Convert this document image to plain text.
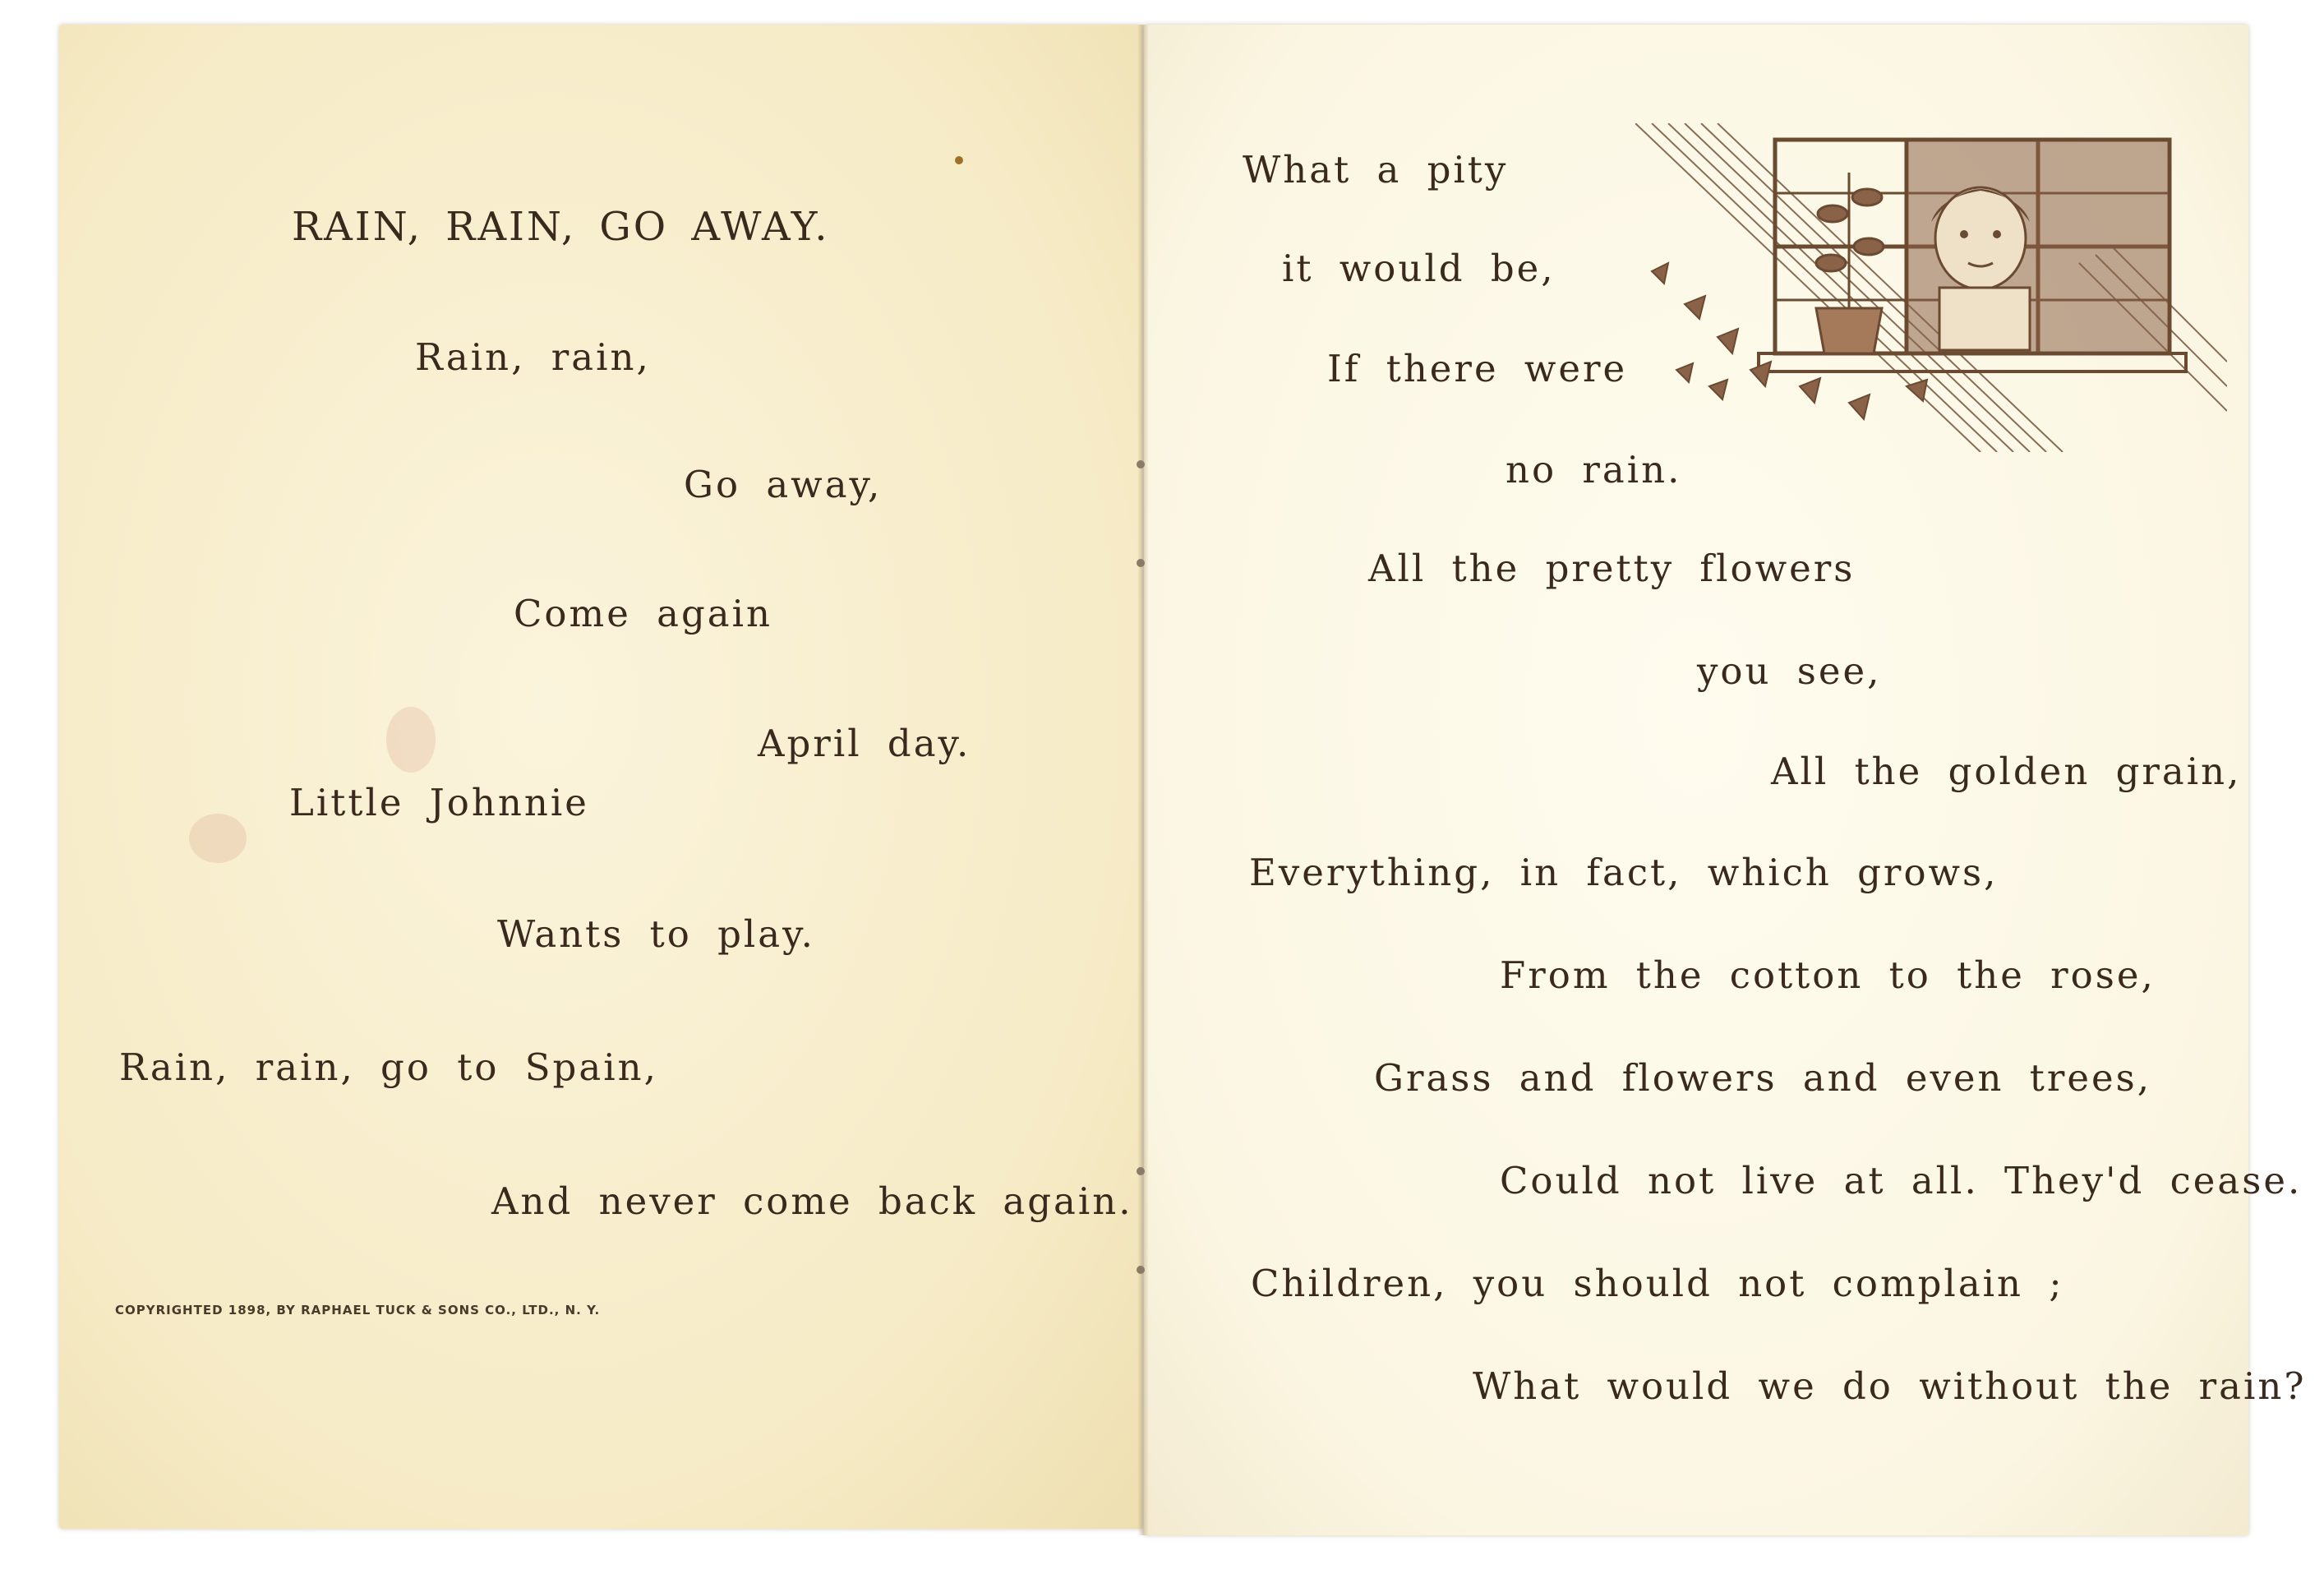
RAIN, RAIN, GO AWAY.
Rain, rain,
Go away,
Come again
April day.
Little Johnnie
Wants to play.
Rain, rain, go to Spain,
And never come back again.
COPYRIGHTED 1898, BY RAPHAEL TUCK & SONS CO., LTD., N. Y.
What a pity
it would be,
If there were
no rain.
All the pretty flowers
you see,
All the golden grain,
Everything, in fact, which grows,
From the cotton to the rose,
Grass and flowers and even trees,
Could not live at all. They'd cease.
Children, you should not complain ;
What would we do without the rain?
